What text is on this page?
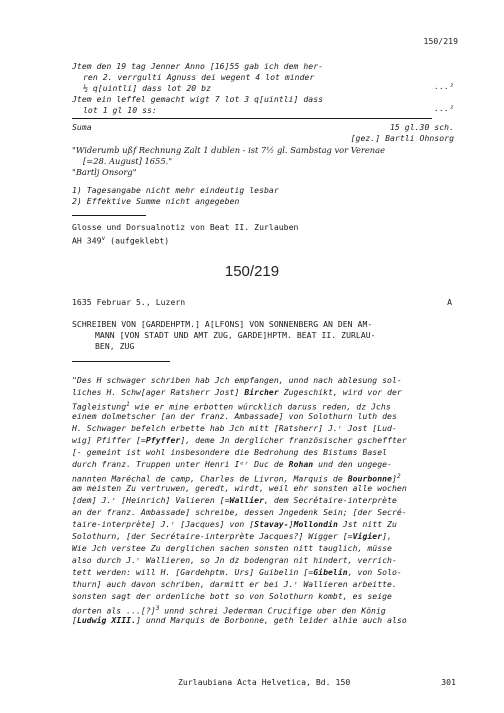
150/219
Jtem den 19 tag Jenner Anno [16]55 gab ich dem her-
ren 2. verrgulti Agnuss dei wegent 4 lot minder
½ q[uintli] dass lot 20 bz	...²
Jtem ein leffel gemacht wigt 7 lot 3 q[uintli] dass
lot 1 gl 10 ss:	...²
Suma	15 gl.30 sch.
[gez.] Bartli Ohnsorg
"Widerumb ußf Rechnung Zalt 1 dublen - ist 7½ gl. Sambstag vor Verenae
[=28. August] 1655."
"Bartlj Onsorg"
1) Tagesangabe nicht mehr eindeutig lesbar
2) Effektive Summe nicht angegeben
Glosse und Dorsualnotiz von Beat II. Zurlauben
AH 349$^v$ (aufgeklebt)
150/219
1635 Februar 5., Luzern	A
SCHREIBEN VON [GARDEHPTM.] A[LFONS] VON SONNENBERG AN DEN AM-
MANN [VON STADT UND AMT ZUG, GARDE]HPTM. BEAT II. ZURLAU-
BEN, ZUG
"Des H schwager schriben hab Jch empfangen, unnd nach ablesung sol-
liches H. Schw[ager Ratsherr Jost] Bircher Zugeschikt, wird vor der
Tagleistung$^1$ wie er mine erbotten würcklich daruss reden, dz Jchs
einem dolmetscher [an der franz. Ambassade] von Solothurn luth des
H. Schwager befelch erbette hab Jch mitt [Ratsherr] J.ʳ Jost [Lud-
wig] Pfiffer [=Pfyffer], deme Jn derglicher französischer gscheffter
[- gemeint ist wohl insbesondere die Bedrohung des Bistums Basel
durch franz. Truppen unter Henri Iᵉʳ Duc de Rohan und den ungege-
nannten Maréchal de camp, Charles de Livron, Marquis de Bourbonne]$^2$
am meisten Zu vertruwen, geredt, wirdt, weil ehr sonsten alle wochen
[dem] J.ʳ [Heinrich] Valieren [=Wallier, dem Secrétaire-interprète
an der franz. Ambassade] schreibe, dessen Jngedenk Sein; [der Secré-
taire-interprète] J.ʳ [Jacques] von [Stavay-]Mollondin Jst nitt Zu
Solothurn, [der Secrétaire-interprète Jacques?] Wigger [=Vigier],
Wie Jch verstee Zu derglichen sachen sonsten nitt tauglich, müsse
also durch J.ʳ Wallieren, so Jn dz bodengran nit hindert, verrich-
tett werden: will H. [Gardehptm. Urs] Guibelin [=Gibelin, von Solo-
thurn] auch davon schriben, darmitt er bei J.ʳ Wallieren arbeitte.
sonsten sagt der ordenliche bott so von Solothurn kombt, es seige
dorten als ...[?]$^3$ unnd schrei Jederman Crucifige uber den König
[Ludwig XIII.] unnd Marquis de Borbonne, geth leider alhie auch also
Zurlaubiana Acta Helvetica, Bd. 150	301
